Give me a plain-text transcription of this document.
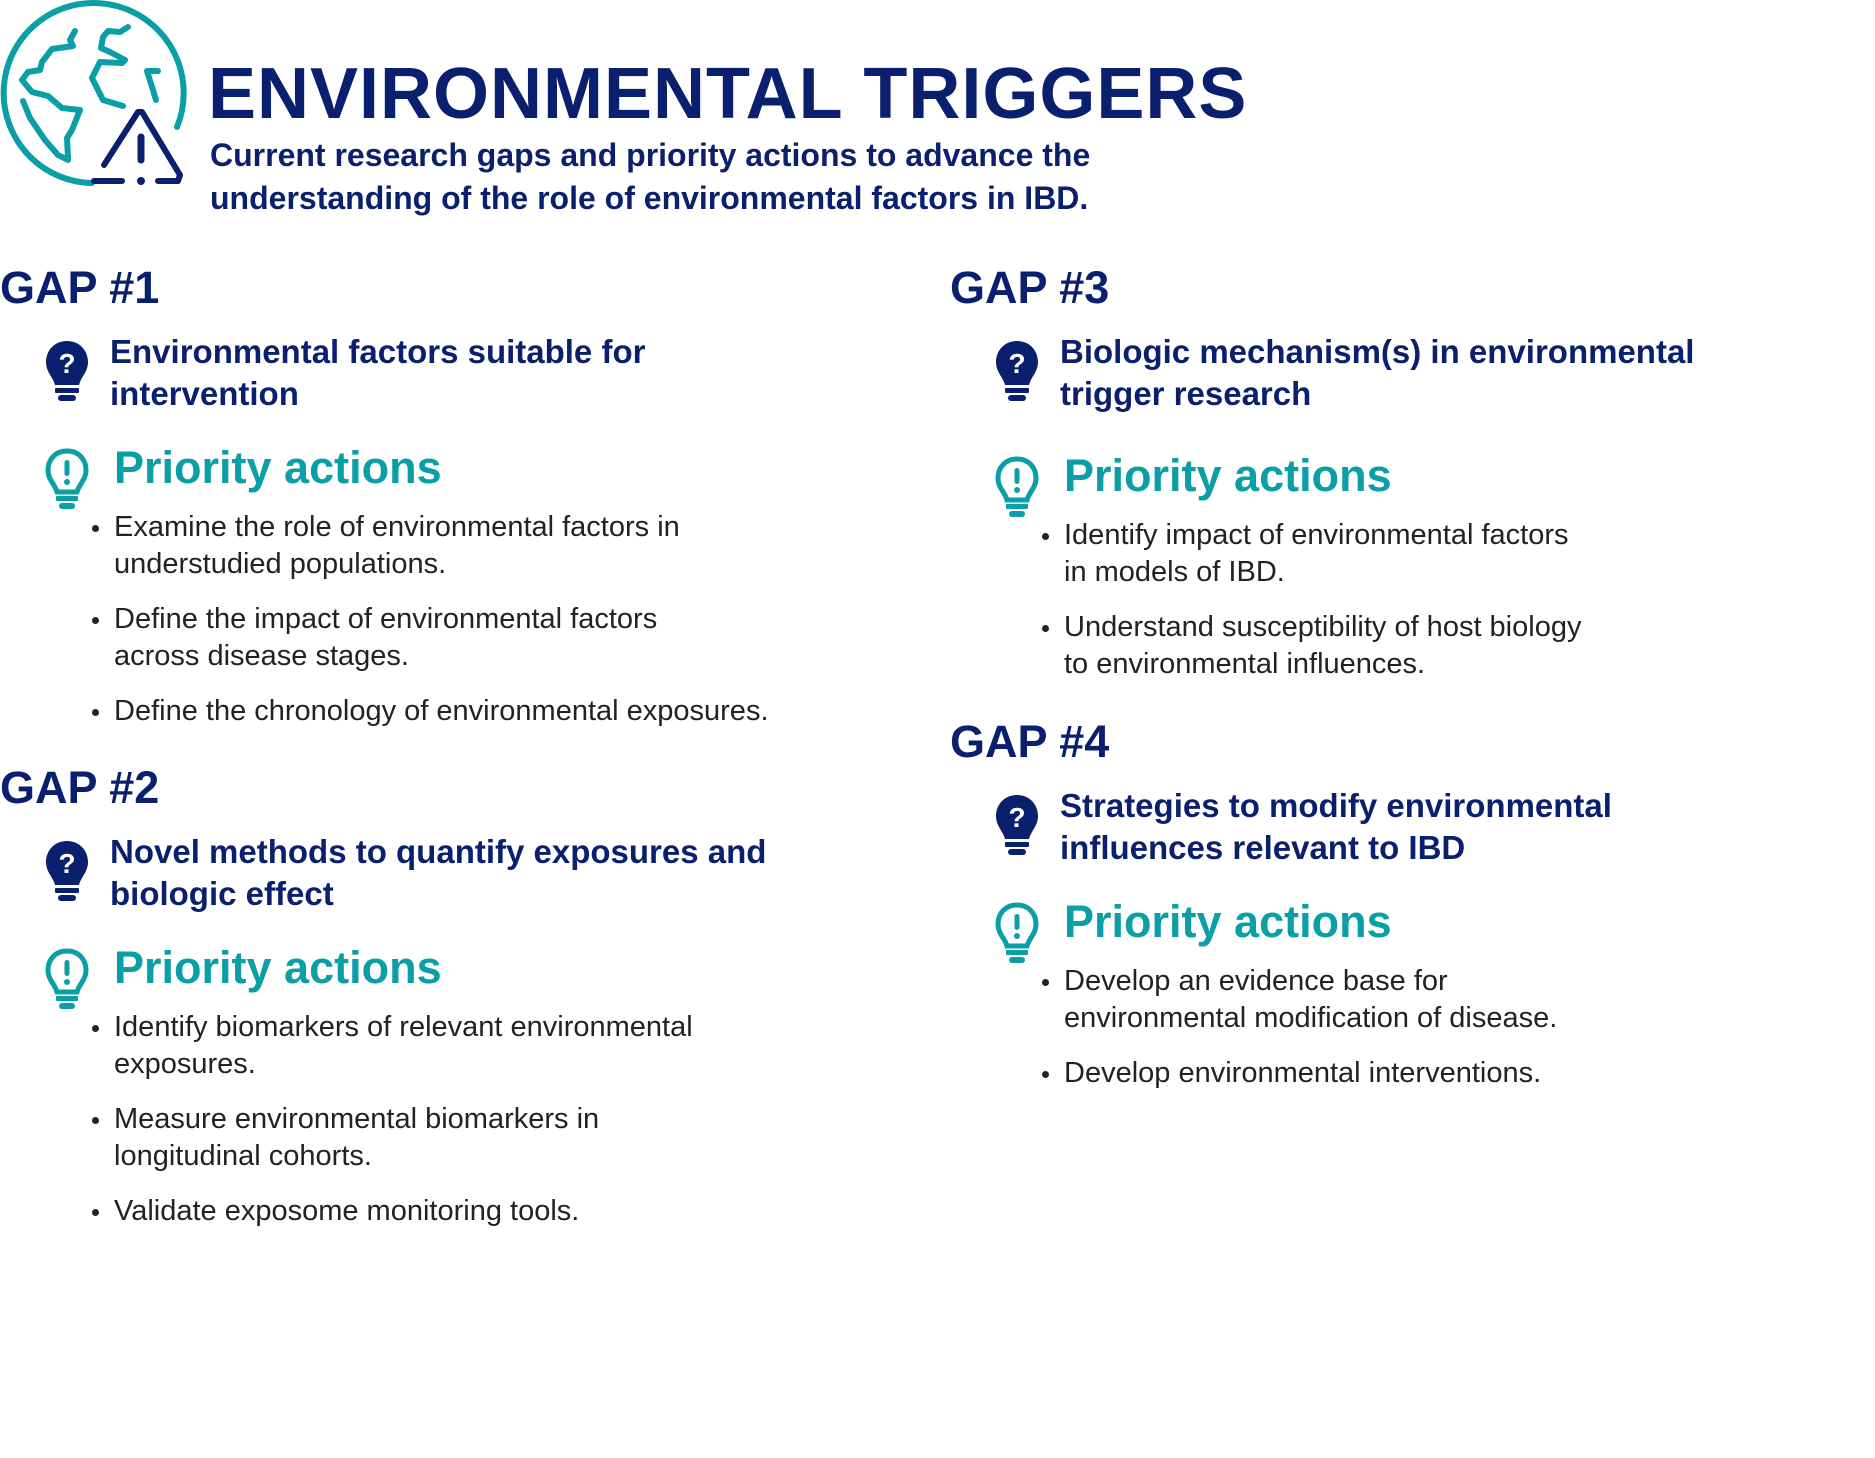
ENVIRONMENTAL TRIGGERS
Current research gaps and priority actions to advance the
understanding of the role of environmental factors in IBD.
GAP #1
? Environmental factors suitable for
intervention
Priority actions
Examine the role of environmental factors in
understudied populations.
Define the impact of environmental factors
across disease stages.
Define the chronology of environmental exposures.
GAP #2
? Novel methods to quantify exposures and
biologic effect
Priority actions
Identify biomarkers of relevant environmental
exposures.
Measure environmental biomarkers in
longitudinal cohorts.
Validate exposome monitoring tools.
GAP #3
? Biologic mechanism(s) in environmental
trigger research
Priority actions
Identify impact of environmental factors
in models of IBD.
Understand susceptibility of host biology
to environmental influences.
GAP #4
? Strategies to modify environmental
influences relevant to IBD
Priority actions
Develop an evidence base for
environmental modification of disease.
Develop environmental interventions.
